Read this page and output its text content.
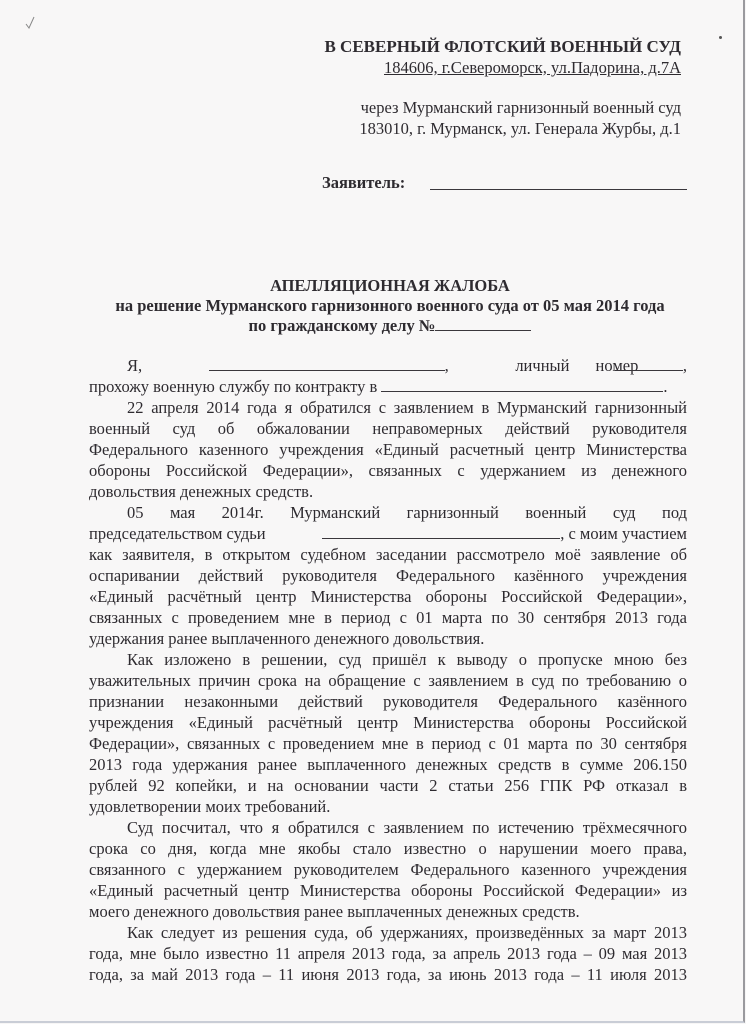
В СЕВЕРНЫЙ ФЛОТСКИЙ ВОЕННЫЙ СУД
184606, г.Североморск, ул.Падорина, д.7А
через Мурманский гарнизонный военный суд
183010, г. Мурманск, ул. Генерала Журбы, д.1
Заявитель:
АПЕЛЛЯЦИОННАЯ ЖАЛОБА
на решение Мурманского гарнизонного военного суда от 05 мая 2014 года
по гражданскому делу №
Я,	,	личный номер	,
прохожу военную службу по контракту в	.
22 апреля 2014 года я обратился с заявлением в Мурманский гарнизонный
военный суд об обжаловании неправомерных действий руководителя
Федерального казенного учреждения «Единый расчетный центр Министерства
обороны Российской Федерации», связанных с удержанием из денежного
довольствия денежных средств.
05 мая 2014г. Мурманский гарнизонный военный суд под
председательством судьи	, с моим участием
как заявителя, в открытом судебном заседании рассмотрело моё заявление об
оспаривании действий руководителя Федерального казённого учреждения
«Единый расчётный центр Министерства обороны Российской Федерации»,
связанных с проведением мне в период с 01 марта по 30 сентября 2013 года
удержания ранее выплаченного денежного довольствия.
Как изложено в решении, суд пришёл к выводу о пропуске мною без
уважительных причин срока на обращение с заявлением в суд по требованию о
признании незаконными действий руководителя Федерального казённого
учреждения «Единый расчётный центр Министерства обороны Российской
Федерации», связанных с проведением мне в период с 01 марта по 30 сентября
2013 года удержания ранее выплаченного денежных средств в сумме 206.150
рублей 92 копейки, и на основании части 2 статьи 256 ГПК РФ отказал в
удовлетворении моих требований.
Суд посчитал, что я обратился с заявлением по истечению трёхмесячного
срока со дня, когда мне якобы стало известно о нарушении моего права,
связанного с удержанием руководителем Федерального казенного учреждения
«Единый расчетный центр Министерства обороны Российской Федерации» из
моего денежного довольствия ранее выплаченных денежных средств.
Как следует из решения суда, об удержаниях, произведённых за март 2013
года, мне было известно 11 апреля 2013 года, за апрель 2013 года – 09 мая 2013
года, за май 2013 года – 11 июня 2013 года, за июнь 2013 года – 11 июля 2013
